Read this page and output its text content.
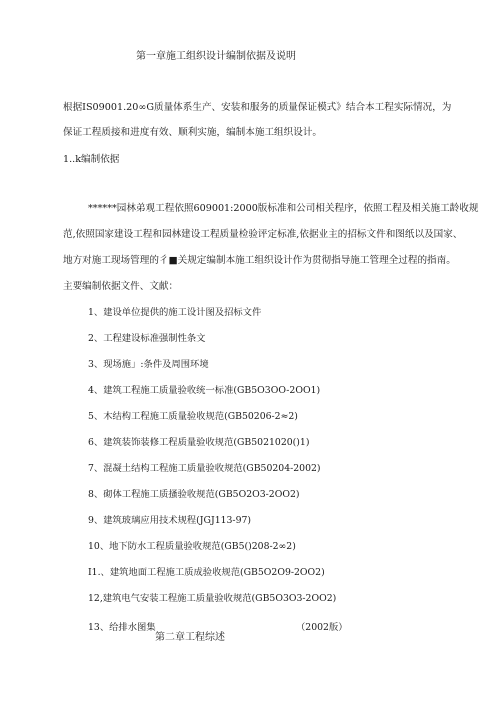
第一章施工组织设计编制依据及说明
根据IS09001.20∞G质量体系生产、安装和服务的质量保证模式》结合本工程实际情况，为
保证工程质接和进度有效、顺利实施，编制本施工组织设计。
1..k编制依据
******园林弟观工程依照609001:2000版标准和公司相关程序，依照工程及相关施工龄收规
范,依照国家建设工程和园林建设工程质量检验评定标准,依据业主的招标文件和图纸以及国家、
地方对施工现场管理的彳■关规定编制本施工组织设计作为贯彻指导施工管理全过程的指南。
主要编制依据文件、文献：
1、建设单位提供的施工设计图及招标文件
2、工程建设标准强制性条文
3、现场施」:条件及周围环境
4、建筑工程施工质量验收统一标准(GB5O3OO-2OO1)
5、木结构工程施工质量验收规范(GB50206-2≈2)
6、建筑装饰装修工程质量验收规范(GB5021020()1)
7、混凝土结构工程施工质量验收规范(GB50204-2002)
8、砌体工程施工质搔验收规范(GB5O2O3-2OO2)
9、建筑玻璃应用技术规程(JGJ113-97)
10、地下防水工程质量验收规范(GB5()208-2∞2)
I1.、建筑地面工程施工质成验收规范(GB5O2O9-2OO2)
12,建筑电气安装工程施工质量验收规范(GB5O3O3-2OO2)
13、给排水图集	（2002版）
第二章工程综述
